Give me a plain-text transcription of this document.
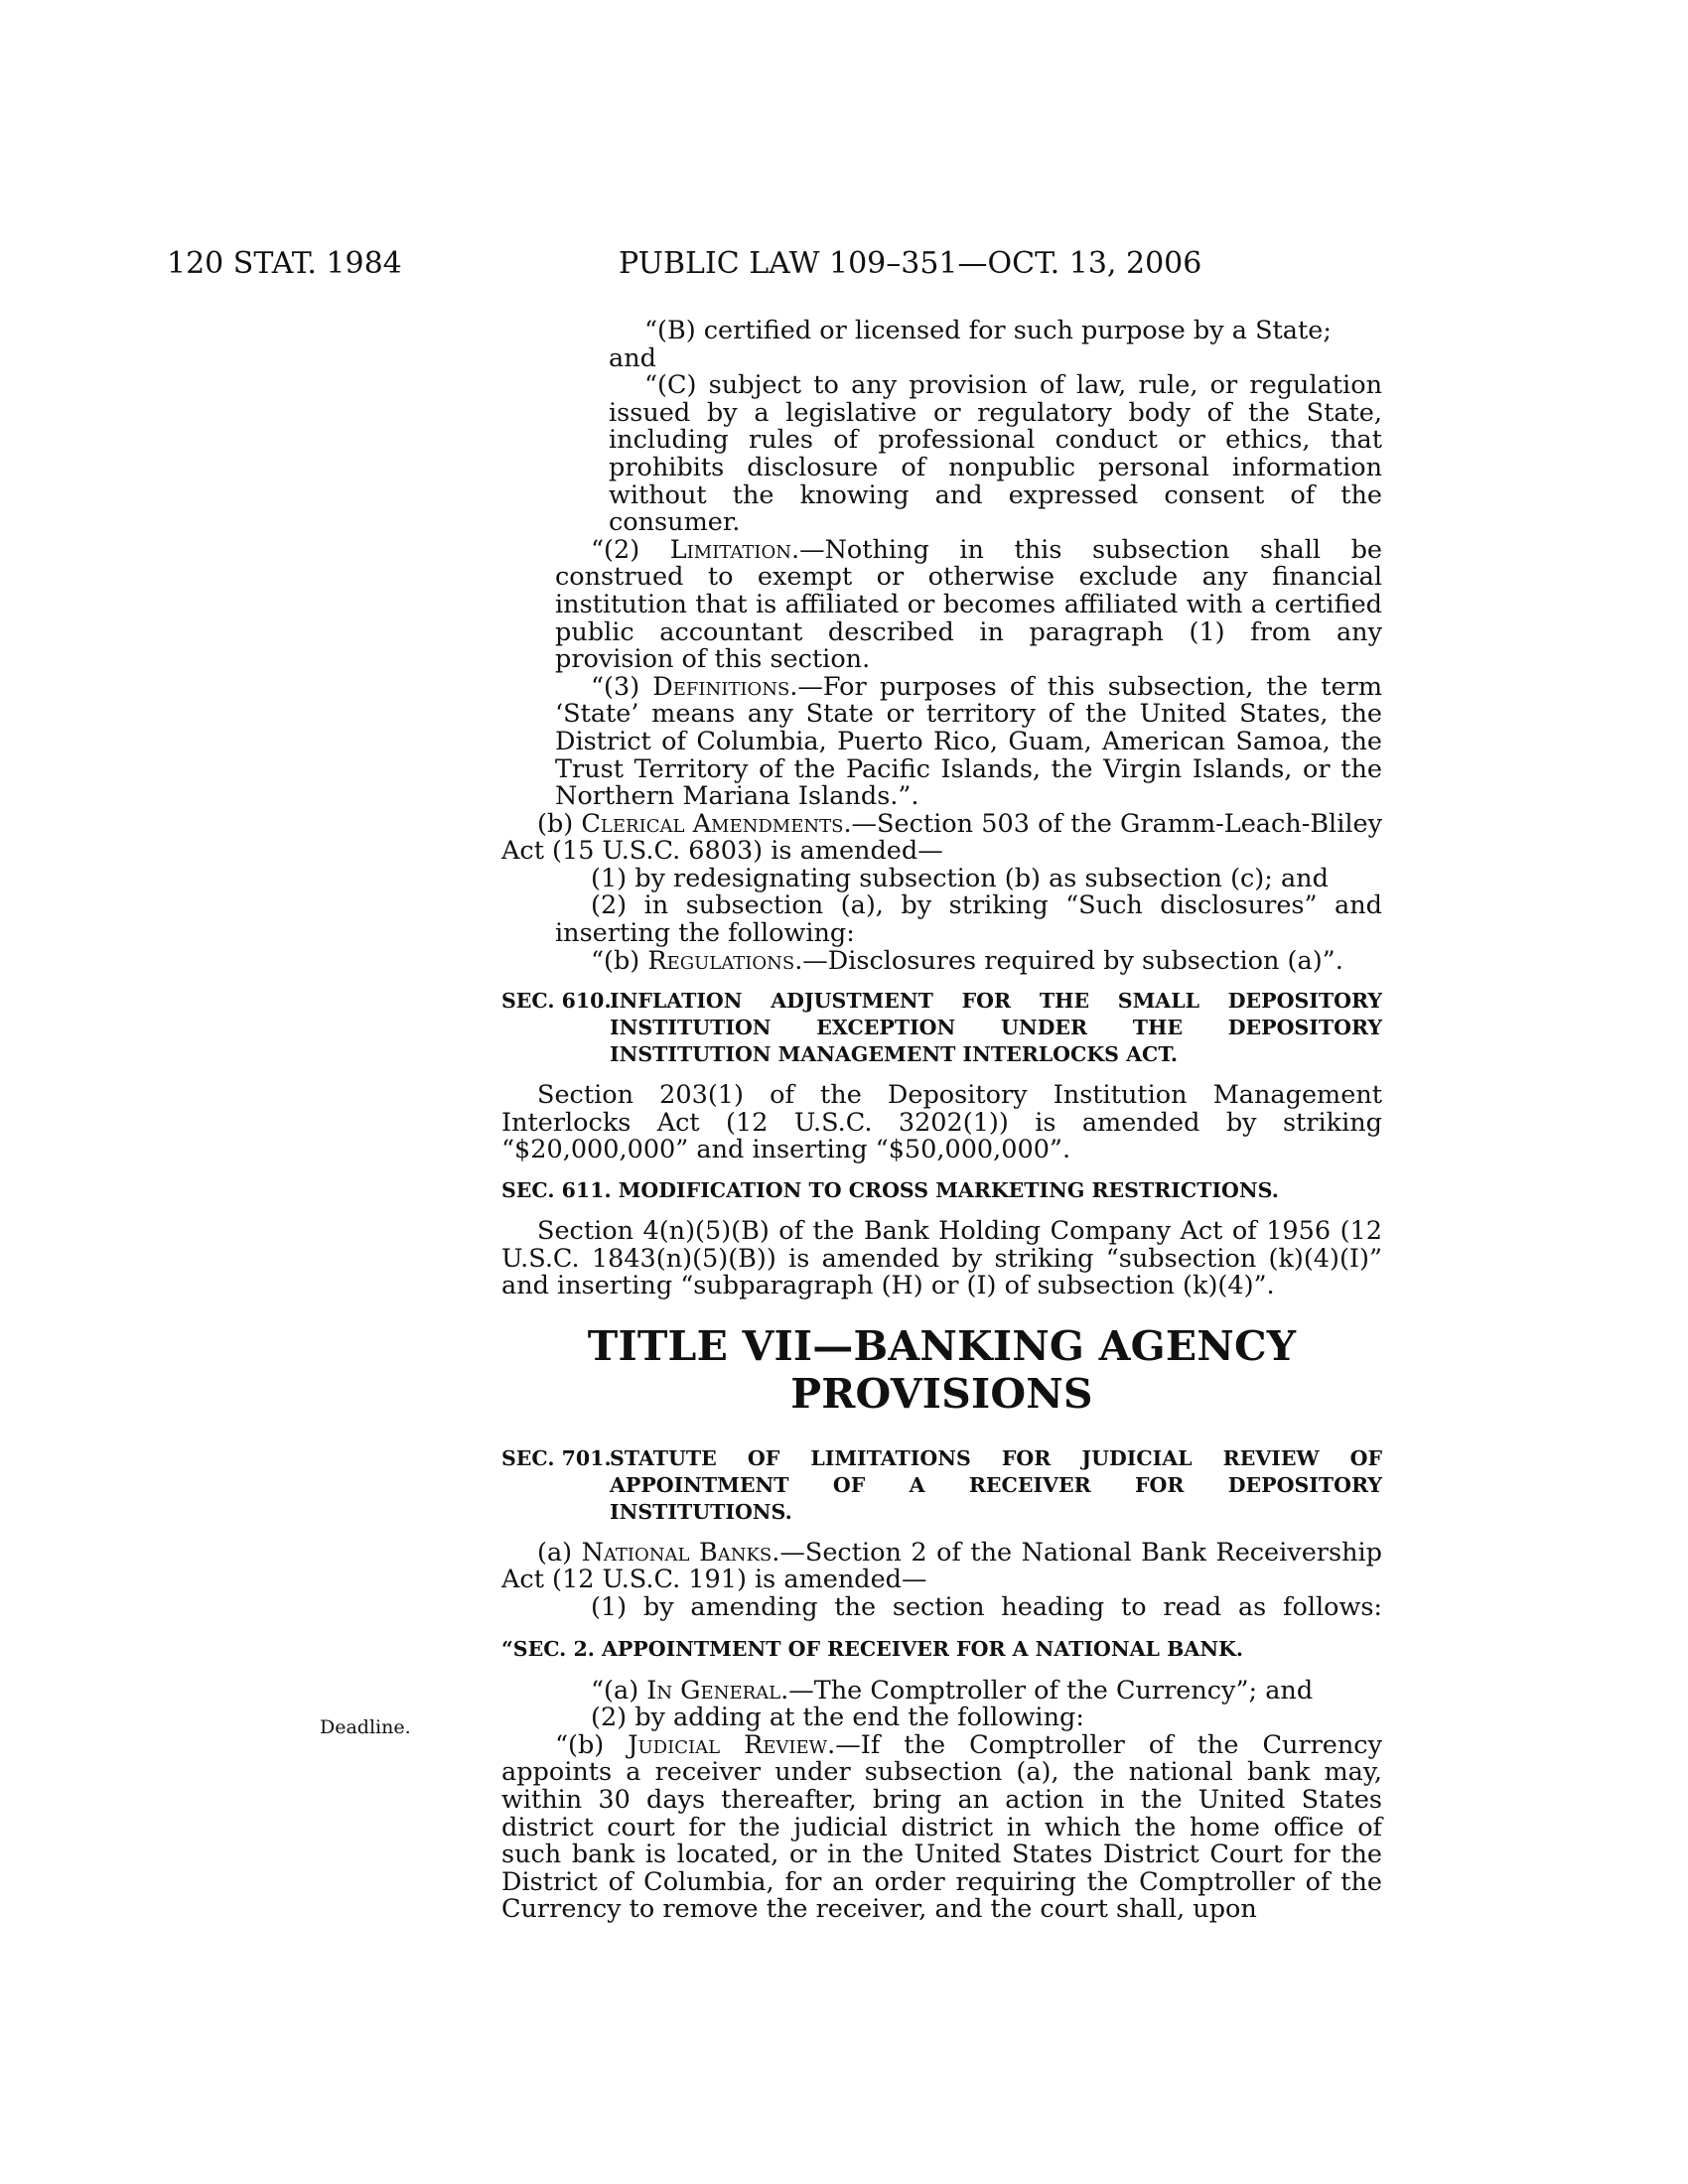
120 STAT. 1984	PUBLIC LAW 109–351—OCT. 13, 2006
Deadline.

“(B) certified or licensed for such purpose by a State;

and

“(C) subject to any provision of law, rule, or regulation issued by a legislative or regulatory body of the State, including rules of professional conduct or ethics, that prohibits disclosure of nonpublic personal information without the knowing and expressed consent of the consumer.

“(2) Limitation.—Nothing in this subsection shall be construed to exempt or otherwise exclude any financial institution that is affiliated or becomes affiliated with a certified public accountant described in paragraph (1) from any provision of this section.

“(3) Definitions.—For purposes of this subsection, the term ‘State’ means any State or territory of the United States, the District of Columbia, Puerto Rico, Guam, American Samoa, the Trust Territory of the Pacific Islands, the Virgin Islands, or the Northern Mariana Islands.”.

(b) Clerical Amendments.—Section 503 of the Gramm-Leach-Bliley Act (15 U.S.C. 6803) is amended—

(1) by redesignating subsection (b) as subsection (c); and

(2) in subsection (a), by striking “Such disclosures” and inserting the following:

“(b) Regulations.—Disclosures required by subsection (a)”.

SEC. 610.
INFLATION ADJUSTMENT FOR THE SMALL DEPOSITORY INSTITUTION EXCEPTION UNDER THE DEPOSITORY INSTITUTION MANAGEMENT INTERLOCKS ACT.

Section 203(1) of the Depository Institution Management Interlocks Act (12 U.S.C. 3202(1)) is amended by striking “$20,000,000” and inserting “$50,000,000”.

SEC. 611. MODIFICATION TO CROSS MARKETING RESTRICTIONS.

Section 4(n)(5)(B) of the Bank Holding Company Act of 1956 (12 U.S.C. 1843(n)(5)(B)) is amended by striking “subsection (k)(4)(I)” and inserting “subparagraph (H) or (I) of subsection (k)(4)”.

TITLE VII—BANKING AGENCY
PROVISIONS
SEC. 701.
STATUTE OF LIMITATIONS FOR JUDICIAL REVIEW OF APPOINTMENT OF A RECEIVER FOR DEPOSITORY INSTITUTIONS.

(a) National Banks.—Section 2 of the National Bank Receivership Act (12 U.S.C. 191) is amended—

(1) by amending the section heading to read as follows:

“SEC. 2. APPOINTMENT OF RECEIVER FOR A NATIONAL BANK.

“(a) In General.—The Comptroller of the Currency”; and

(2) by adding at the end the following:

“(b) Judicial Review.—If the Comptroller of the Currency appoints a receiver under subsection (a), the national bank may, within 30 days thereafter, bring an action in the United States district court for the judicial district in which the home office of such bank is located, or in the United States District Court for the District of Columbia, for an order requiring the Comptroller of the Currency to remove the receiver, and the court shall, upon
